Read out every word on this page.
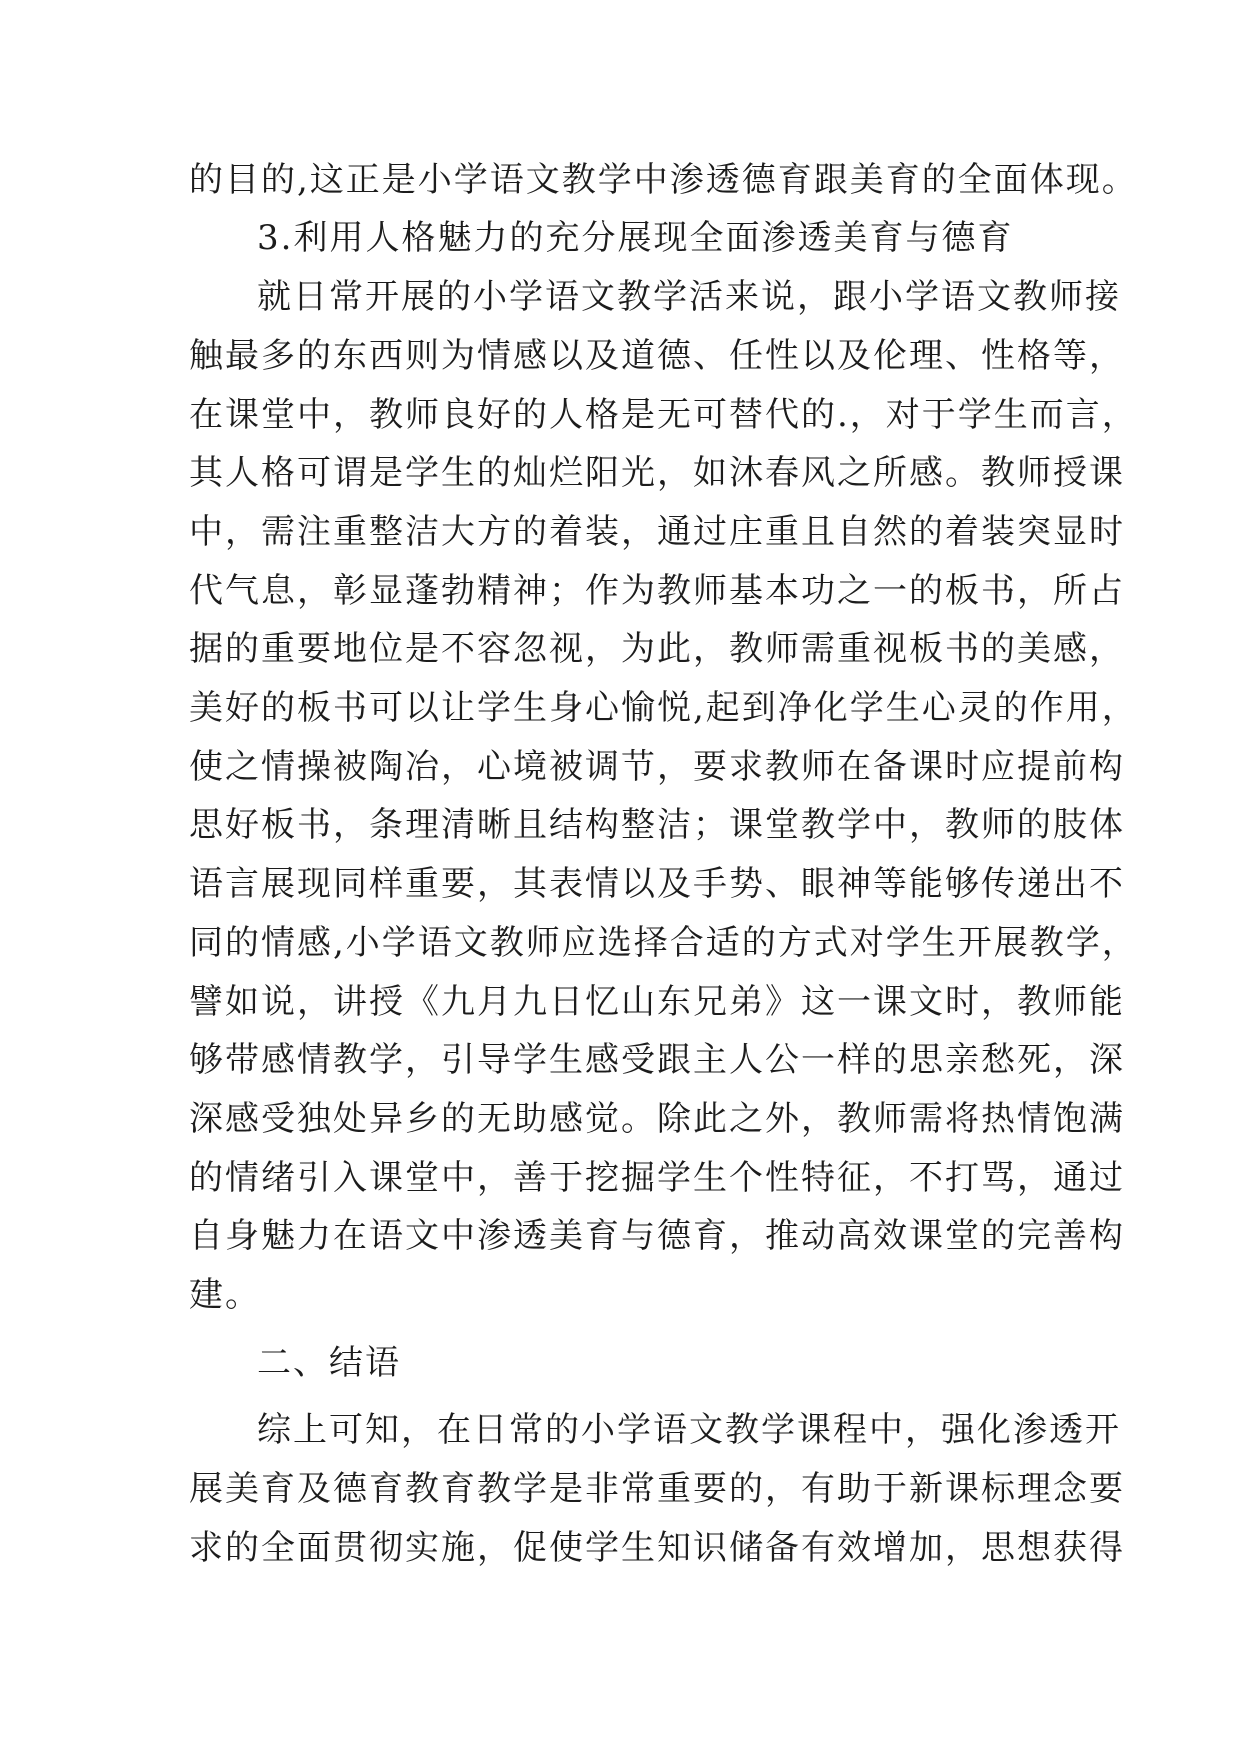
的目的,这正是小学语文教学中渗透德育跟美育的全面体现。
3.利用人格魅力的充分展现全面渗透美育与德育
就日常开展的小学语文教学活来说，跟小学语文教师接
触最多的东西则为情感以及道德、任性以及伦理、性格等，
在课堂中，教师良好的人格是无可替代的.，对于学生而言，
其人格可谓是学生的灿烂阳光，如沐春风之所感。教师授课
中，需注重整洁大方的着装，通过庄重且自然的着装突显时
代气息，彰显蓬勃精神；作为教师基本功之一的板书，所占
据的重要地位是不容忽视，为此，教师需重视板书的美感，
美好的板书可以让学生身心愉悦,起到净化学生心灵的作用，
使之情操被陶冶，心境被调节，要求教师在备课时应提前构
思好板书，条理清晰且结构整洁；课堂教学中，教师的肢体
语言展现同样重要，其表情以及手势、眼神等能够传递出不
同的情感,小学语文教师应选择合适的方式对学生开展教学，
譬如说，讲授《九月九日忆山东兄弟》这一课文时，教师能
够带感情教学，引导学生感受跟主人公一样的思亲愁死，深
深感受独处异乡的无助感觉。除此之外，教师需将热情饱满
的情绪引入课堂中，善于挖掘学生个性特征，不打骂，通过
自身魅力在语文中渗透美育与德育，推动高效课堂的完善构
建。
二、结语
综上可知，在日常的小学语文教学课程中，强化渗透开
展美育及德育教育教学是非常重要的，有助于新课标理念要
求的全面贯彻实施，促使学生知识储备有效增加，思想获得
